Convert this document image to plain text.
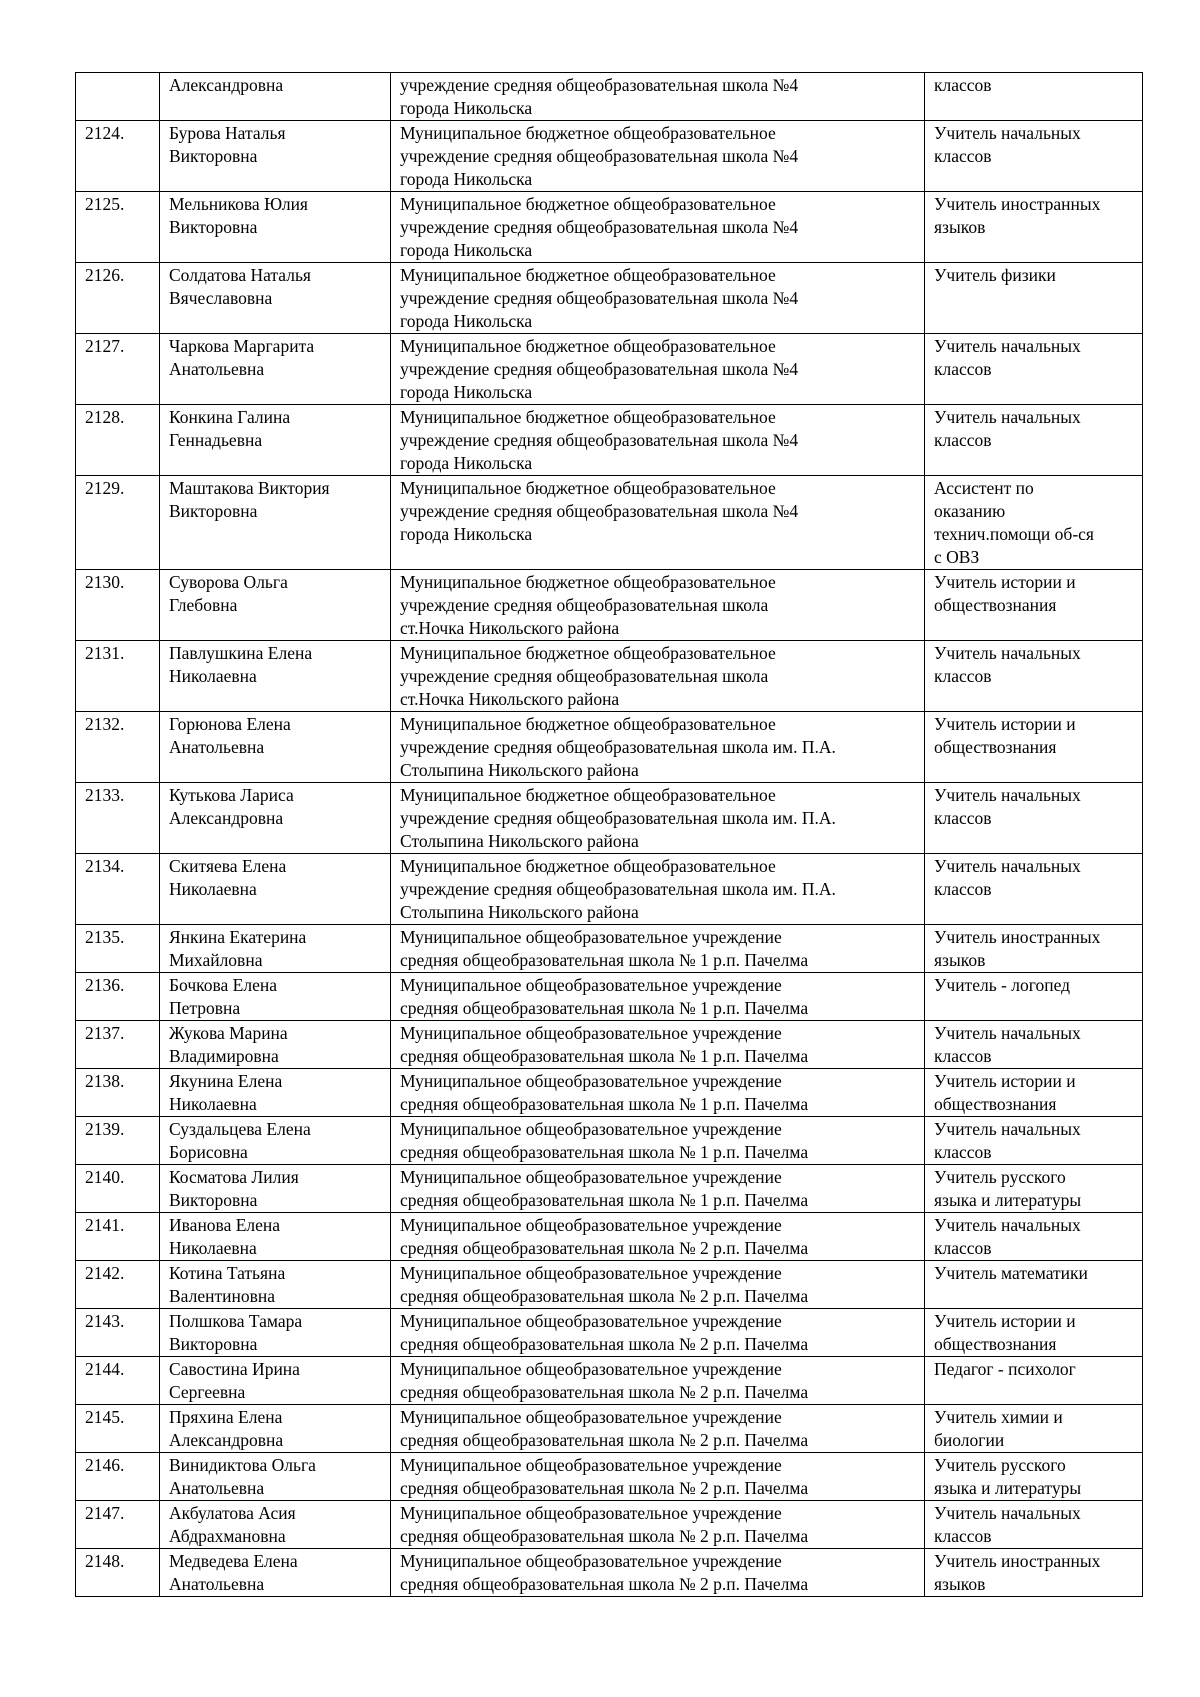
	Александровна	учреждение средняя общеобразовательная школа №4
города Никольска	классов

2124.	Бурова Наталья
Викторовна	Муниципальное бюджетное общеобразовательное
учреждение средняя общеобразовательная школа №4
города Никольска	Учитель начальных
классов

2125.	Мельникова Юлия
Викторовна	Муниципальное бюджетное общеобразовательное
учреждение средняя общеобразовательная школа №4
города Никольска	Учитель иностранных
языков

2126.	Солдатова Наталья
Вячеславовна	Муниципальное бюджетное общеобразовательное
учреждение средняя общеобразовательная школа №4
города Никольска	Учитель физики

2127.	Чаркова Маргарита
Анатольевна	Муниципальное бюджетное общеобразовательное
учреждение средняя общеобразовательная школа №4
города Никольска	Учитель начальных
классов

2128.	Конкина Галина
Геннадьевна	Муниципальное бюджетное общеобразовательное
учреждение средняя общеобразовательная школа №4
города Никольска	Учитель начальных
классов

2129.	Маштакова Виктория
Викторовна	Муниципальное бюджетное общеобразовательное
учреждение средняя общеобразовательная школа №4
города Никольска	Ассистент по
оказанию
технич.помощи об-ся
с ОВЗ

2130.	Суворова Ольга
Глебовна	Муниципальное бюджетное общеобразовательное
учреждение средняя общеобразовательная школа
ст.Ночка Никольского района	Учитель истории и
обществознания

2131.	Павлушкина Елена
Николаевна	Муниципальное бюджетное общеобразовательное
учреждение средняя общеобразовательная школа
ст.Ночка Никольского района	Учитель начальных
классов

2132.	Горюнова Елена
Анатольевна	Муниципальное бюджетное общеобразовательное
учреждение средняя общеобразовательная школа им. П.А.
Столыпина Никольского района	Учитель истории и
обществознания

2133.	Кутькова Лариса
Александровна	Муниципальное бюджетное общеобразовательное
учреждение средняя общеобразовательная школа им. П.А.
Столыпина Никольского района	Учитель начальных
классов

2134.	Скитяева Елена
Николаевна	Муниципальное бюджетное общеобразовательное
учреждение средняя общеобразовательная школа им. П.А.
Столыпина Никольского района	Учитель начальных
классов

2135.	Янкина Екатерина
Михайловна	Муниципальное общеобразовательное учреждение
средняя общеобразовательная школа № 1 р.п. Пачелма	Учитель иностранных
языков

2136.	Бочкова Елена
Петровна	Муниципальное общеобразовательное учреждение
средняя общеобразовательная школа № 1 р.п. Пачелма	Учитель - логопед

2137.	Жукова Марина
Владимировна	Муниципальное общеобразовательное учреждение
средняя общеобразовательная школа № 1 р.п. Пачелма	Учитель начальных
классов

2138.	Якунина Елена
Николаевна	Муниципальное общеобразовательное учреждение
средняя общеобразовательная школа № 1 р.п. Пачелма	Учитель истории и
обществознания

2139.	Суздальцева Елена
Борисовна	Муниципальное общеобразовательное учреждение
средняя общеобразовательная школа № 1 р.п. Пачелма	Учитель начальных
классов

2140.	Косматова Лилия
Викторовна	Муниципальное общеобразовательное учреждение
средняя общеобразовательная школа № 1 р.п. Пачелма	Учитель русского
языка и литературы

2141.	Иванова Елена
Николаевна	Муниципальное общеобразовательное учреждение
средняя общеобразовательная школа № 2 р.п. Пачелма	Учитель начальных
классов

2142.	Котина Татьяна
Валентиновна	Муниципальное общеобразовательное учреждение
средняя общеобразовательная школа № 2 р.п. Пачелма	Учитель математики

2143.	Полшкова Тамара
Викторовна	Муниципальное общеобразовательное учреждение
средняя общеобразовательная школа № 2 р.п. Пачелма	Учитель истории и
обществознания

2144.	Савостина Ирина
Сергеевна	Муниципальное общеобразовательное учреждение
средняя общеобразовательная школа № 2 р.п. Пачелма	Педагог - психолог

2145.	Пряхина Елена
Александровна	Муниципальное общеобразовательное учреждение
средняя общеобразовательная школа № 2 р.п. Пачелма	Учитель химии и
биологии

2146.	Винидиктова Ольга
Анатольевна	Муниципальное общеобразовательное учреждение
средняя общеобразовательная школа № 2 р.п. Пачелма	Учитель русского
языка и литературы

2147.	Акбулатова Асия
Абдрахмановна	Муниципальное общеобразовательное учреждение
средняя общеобразовательная школа № 2 р.п. Пачелма	Учитель начальных
классов

2148.	Медведева Елена
Анатольевна	Муниципальное общеобразовательное учреждение
средняя общеобразовательная школа № 2 р.п. Пачелма	Учитель иностранных
языков
